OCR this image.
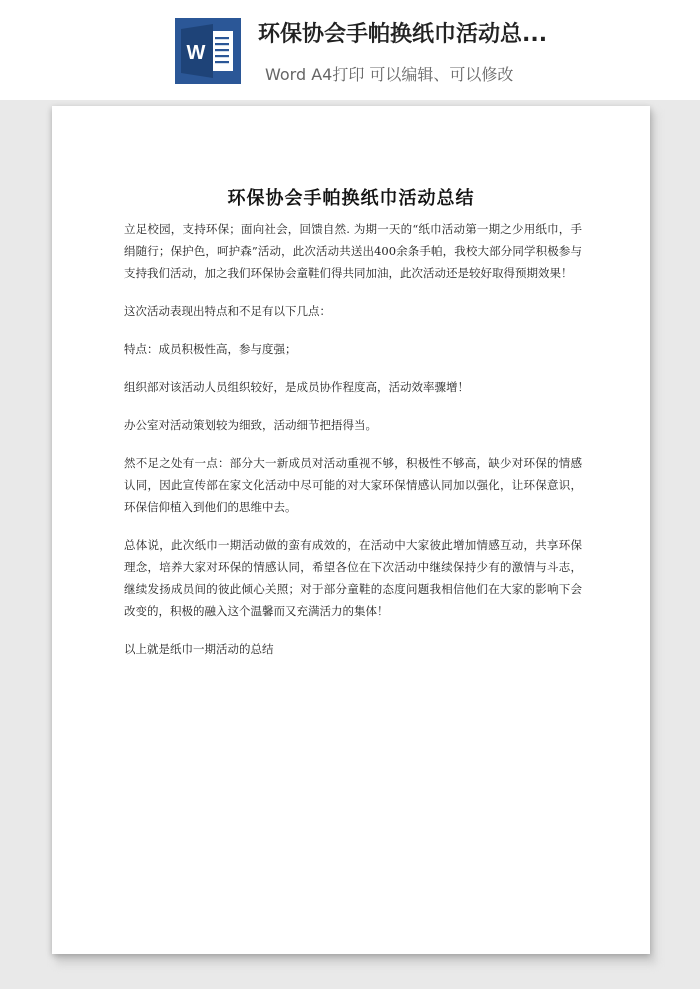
W
环保协会手帕换纸巾活动总...
Word A4打印 可以编辑、可以修改
环保协会手帕换纸巾活动总结

立足校园，支持环保；面向社会，回馈自然. 为期一天的“纸巾活动第一期之少用纸巾，手绢随行；保护色，呵护森”活动，此次活动共送出400余条手帕，我校大部分同学积极参与支持我们活动，加之我们环保协会童鞋们得共同加油，此次活动还是较好取得预期效果！

这次活动表现出特点和不足有以下几点：

特点：成员积极性高，参与度强；

组织部对该活动人员组织较好，是成员协作程度高，活动效率骤增！

办公室对活动策划较为细致，活动细节把捂得当。

然不足之处有一点：部分大一新成员对活动重视不够，积极性不够高，缺少对环保的情感认同，因此宣传部在家文化活动中尽可能的对大家环保情感认同加以强化，让环保意识，环保信仰植入到他们的思维中去。

总体说，此次纸巾一期活动做的蛮有成效的，在活动中大家彼此增加情感互动，共享环保理念，培养大家对环保的情感认同，希望各位在下次活动中继续保持少有的激情与斗志，继续发扬成员间的彼此倾心关照；对于部分童鞋的态度问题我相信他们在大家的影响下会改变的，积极的融入这个温馨而又充满活力的集体！

以上就是纸巾一期活动的总结
